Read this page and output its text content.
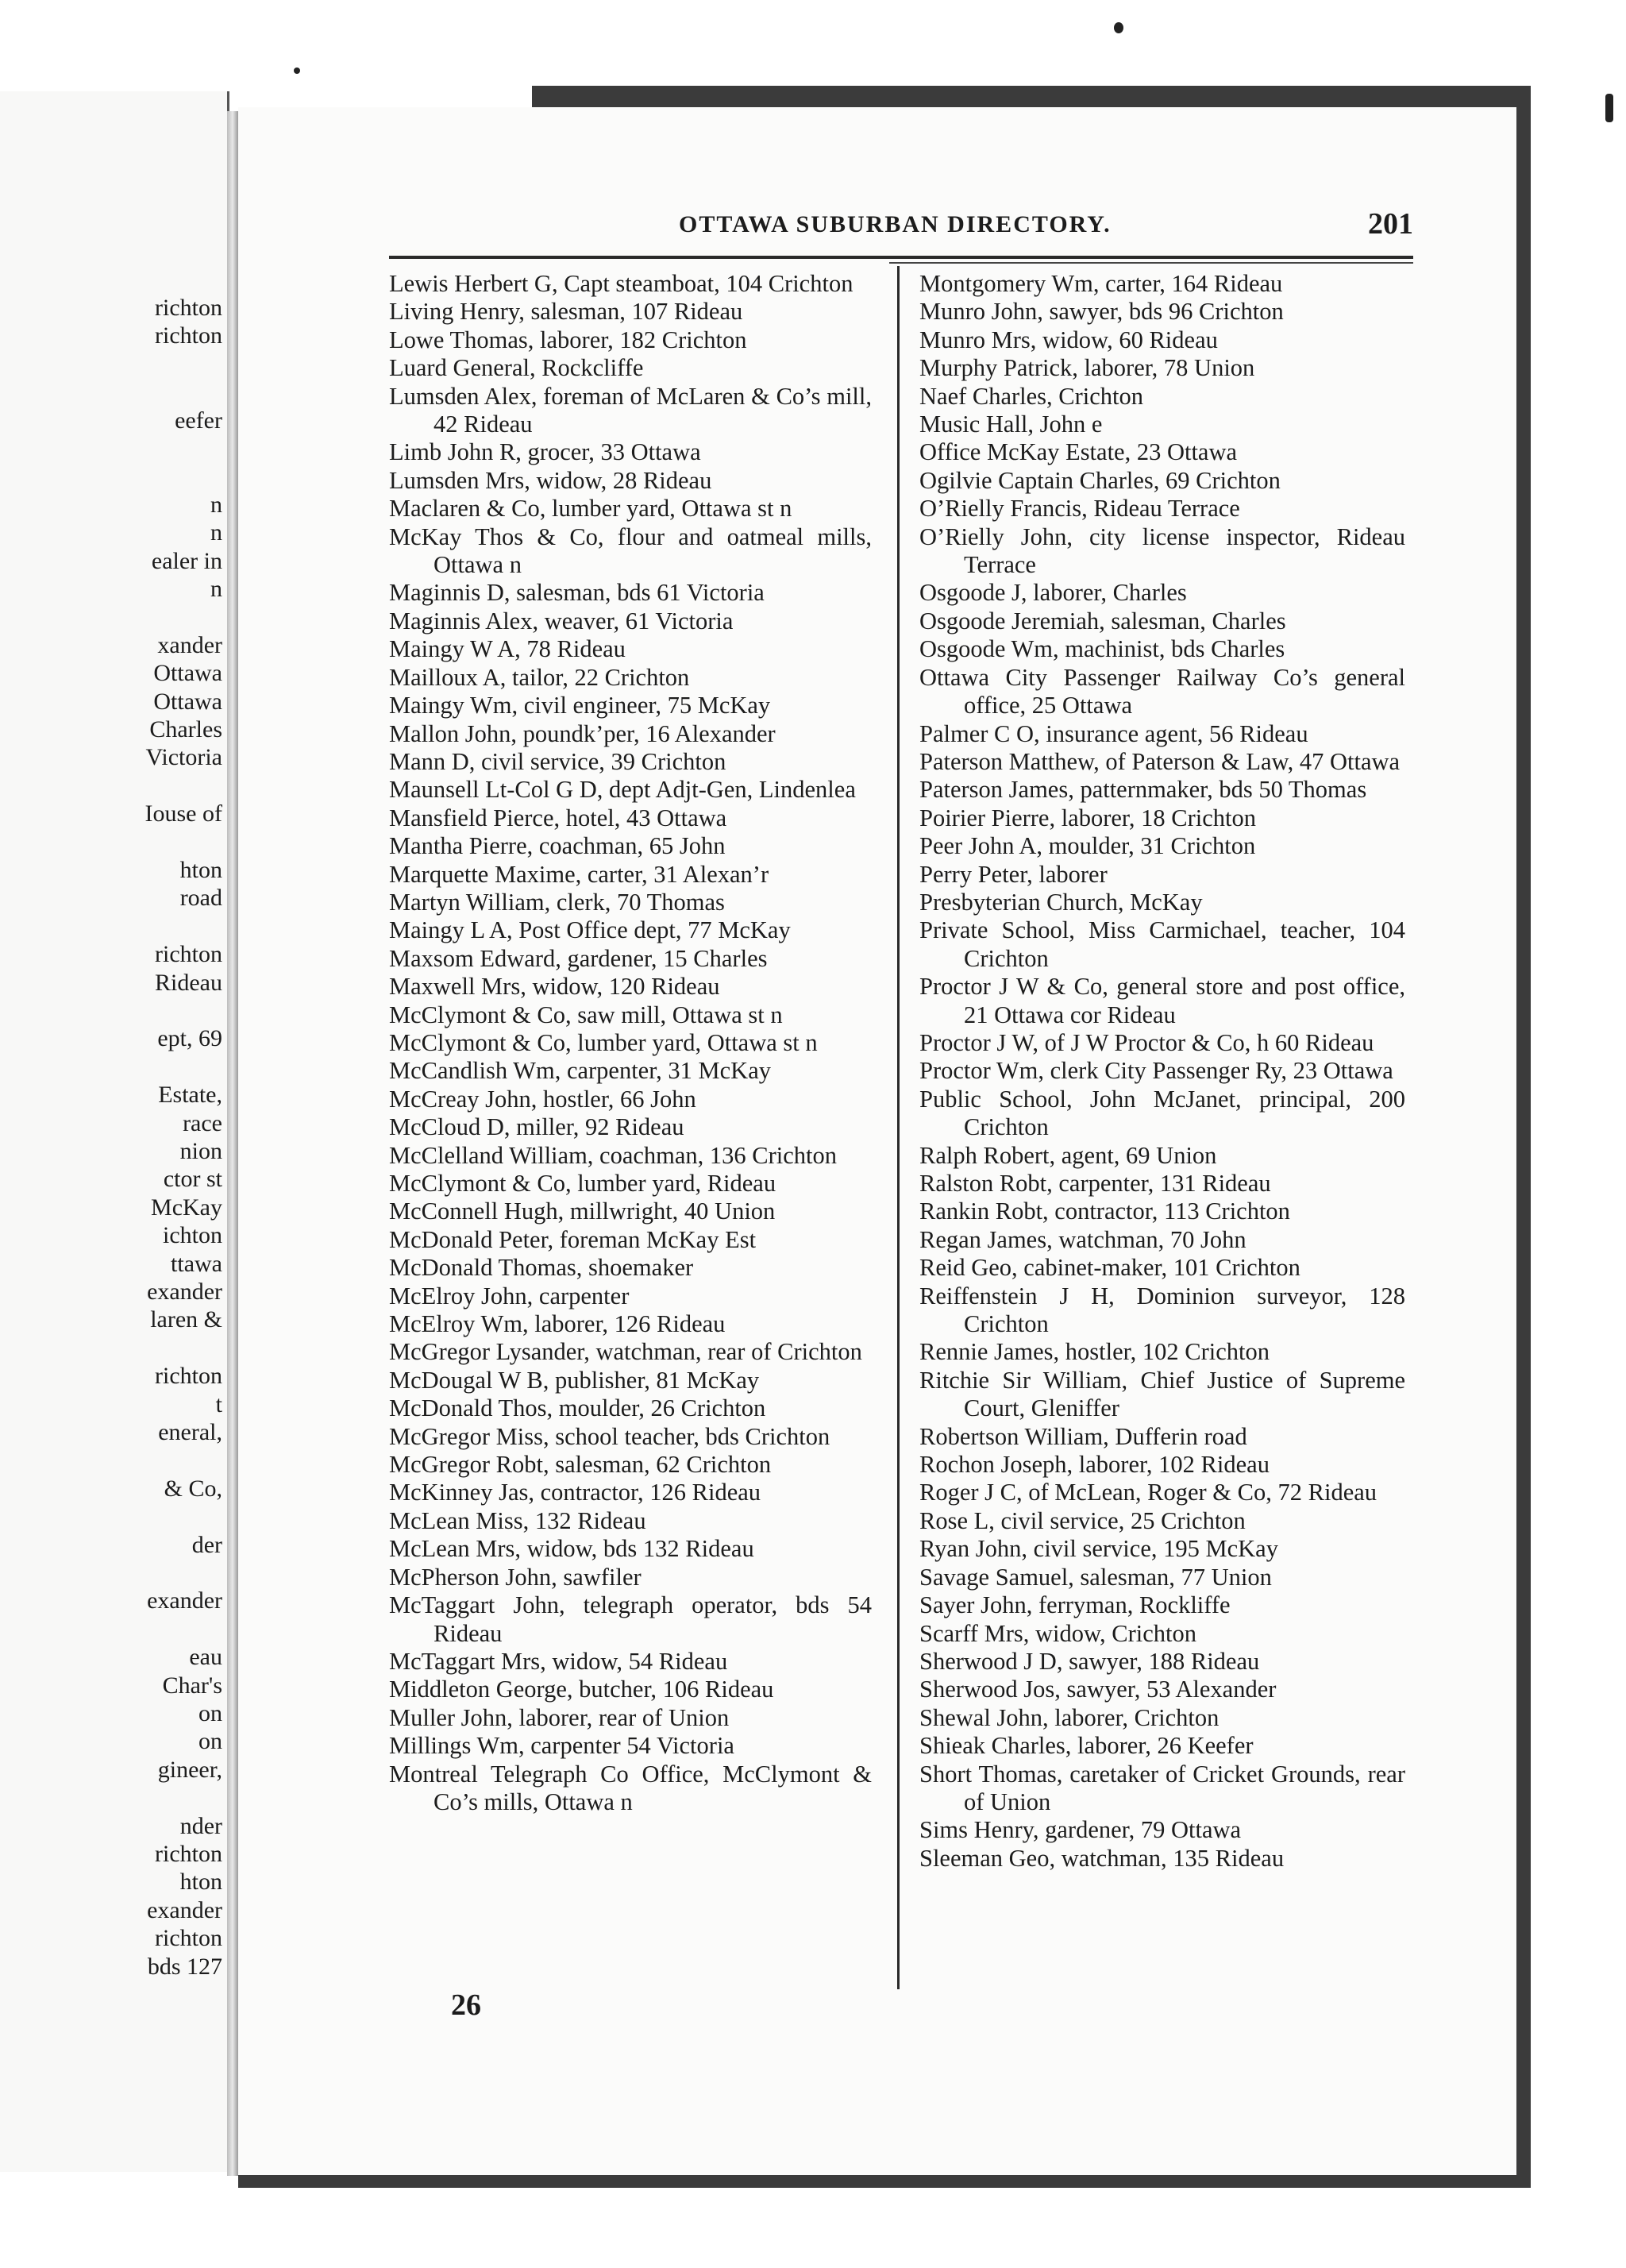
richton
richton
eefer
n
n
ealer in
n
xander
Ottawa
Ottawa
Charles
Victoria
Iouse of
hton
road
richton
Rideau
ept, 69
Estate,
race
nion
ctor st
McKay
ichton
ttawa
exander
laren &
richton
t
eneral,
& Co,
der
exander
eau
Char's
on
on
gineer,
nder
richton
hton
exander
richton
bds 127
OTTAWA SUBURBAN DIRECTORY.	201

Lewis Herbert G, Capt steamboat, 104 Crichton

Living Henry, salesman, 107 Rideau

Lowe Thomas, laborer, 182 Crichton

Luard General, Rockcliffe

Lumsden Alex, foreman of McLaren & Co’s mill, 42 Rideau

Limb John R, grocer, 33 Ottawa

Lumsden Mrs, widow, 28 Rideau

Maclaren & Co, lumber yard, Ottawa st n

McKay Thos & Co, flour and oatmeal mills, Ottawa n

Maginnis D, salesman, bds 61 Victoria

Maginnis Alex, weaver, 61 Victoria

Maingy W A, 78 Rideau

Mailloux A, tailor, 22 Crichton

Maingy Wm, civil engineer, 75 McKay

Mallon John, poundk’per, 16 Alexander

Mann D, civil service, 39 Crichton

Maunsell Lt-Col G D, dept Adjt-Gen, Lindenlea

Mansfield Pierce, hotel, 43 Ottawa

Mantha Pierre, coachman, 65 John

Marquette Maxime, carter, 31 Alexan’r

Martyn William, clerk, 70 Thomas

Maingy L A, Post Office dept, 77 McKay

Maxsom Edward, gardener, 15 Charles

Maxwell Mrs, widow, 120 Rideau

McClymont & Co, saw mill, Ottawa st n

McClymont & Co, lumber yard, Ottawa st n

McCandlish Wm, carpenter, 31 McKay

McCreay John, hostler, 66 John

McCloud D, miller, 92 Rideau

McClelland William, coachman, 136 Crichton

McClymont & Co, lumber yard, Rideau

McConnell Hugh, millwright, 40 Union

McDonald Peter, foreman McKay Est

McDonald Thomas, shoemaker

McElroy John, carpenter

McElroy Wm, laborer, 126 Rideau

McGregor Lysander, watchman, rear of Crichton

McDougal W B, publisher, 81 McKay

McDonald Thos, moulder, 26 Crichton

McGregor Miss, school teacher, bds Crichton

McGregor Robt, salesman, 62 Crichton

McKinney Jas, contractor, 126 Rideau

McLean Miss, 132 Rideau

McLean Mrs, widow, bds 132 Rideau

McPherson John, sawfiler

McTaggart John, telegraph operator, bds 54 Rideau

McTaggart Mrs, widow, 54 Rideau

Middleton George, butcher, 106 Rideau

Muller John, laborer, rear of Union

Millings Wm, carpenter 54 Victoria

Montreal Telegraph Co Office, McClymont & Co’s mills, Ottawa n

Montgomery Wm, carter, 164 Rideau

Munro John, sawyer, bds 96 Crichton

Munro Mrs, widow, 60 Rideau

Murphy Patrick, laborer, 78 Union

Naef Charles, Crichton

Music Hall, John e

Office McKay Estate, 23 Ottawa

Ogilvie Captain Charles, 69 Crichton

O’Rielly Francis, Rideau Terrace

O’Rielly John, city license inspector, Rideau Terrace

Osgoode J, laborer, Charles

Osgoode Jeremiah, salesman, Charles

Osgoode Wm, machinist, bds Charles

Ottawa City Passenger Railway Co’s general office, 25 Ottawa

Palmer C O, insurance agent, 56 Rideau

Paterson Matthew, of Paterson & Law, 47 Ottawa

Paterson James, patternmaker, bds 50 Thomas

Poirier Pierre, laborer, 18 Crichton

Peer John A, moulder, 31 Crichton

Perry Peter, laborer

Presbyterian Church, McKay

Private School, Miss Carmichael, teacher, 104 Crichton

Proctor J W & Co, general store and post office, 21 Ottawa cor Rideau

Proctor J W, of J W Proctor & Co, h 60 Rideau

Proctor Wm, clerk City Passenger Ry, 23 Ottawa

Public School, John McJanet, principal, 200 Crichton

Ralph Robert, agent, 69 Union

Ralston Robt, carpenter, 131 Rideau

Rankin Robt, contractor, 113 Crichton

Regan James, watchman, 70 John

Reid Geo, cabinet-maker, 101 Crichton

Reiffenstein J H, Dominion surveyor, 128 Crichton

Rennie James, hostler, 102 Crichton

Ritchie Sir William, Chief Justice of Supreme Court, Gleniffer

Robertson William, Dufferin road

Rochon Joseph, laborer, 102 Rideau

Roger J C, of McLean, Roger & Co, 72 Rideau

Rose L, civil service, 25 Crichton

Ryan John, civil service, 195 McKay

Savage Samuel, salesman, 77 Union

Sayer John, ferryman, Rockliffe

Scarff Mrs, widow, Crichton

Sherwood J D, sawyer, 188 Rideau

Sherwood Jos, sawyer, 53 Alexander

Shewal John, laborer, Crichton

Shieak Charles, laborer, 26 Keefer

Short Thomas, caretaker of Cricket Grounds, rear of Union

Sims Henry, gardener, 79 Ottawa

Sleeman Geo, watchman, 135 Rideau

26
